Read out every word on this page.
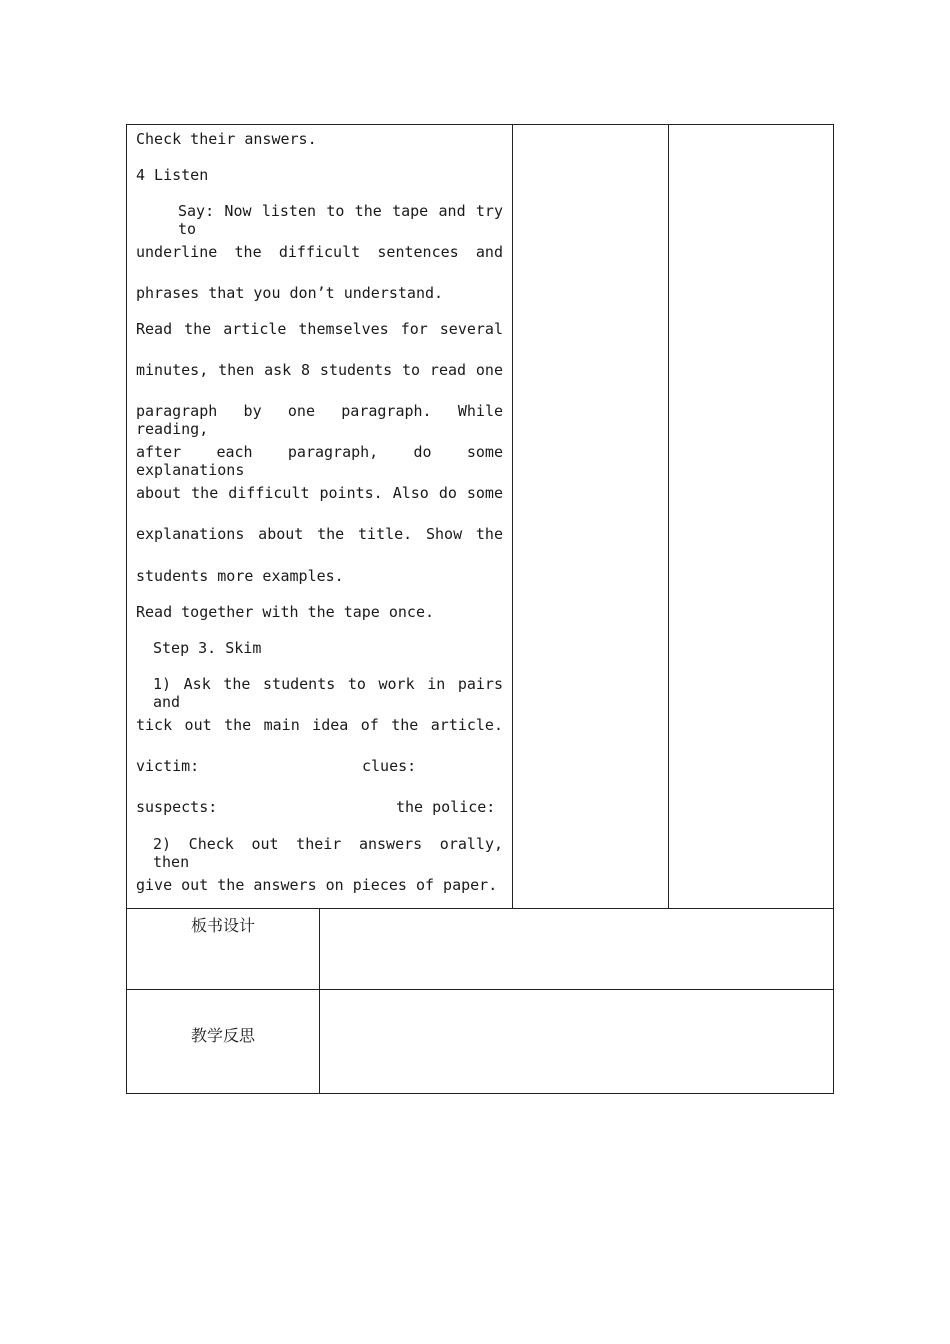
Check their answers.
4 Listen
Say: Now listen to the tape and try to
underline the difficult sentences and
phrases that you don’t understand.
Read the article themselves for several
minutes, then ask 8 students to read one
paragraph by one paragraph. While reading,
after each paragraph, do some explanations
about the difficult points. Also do some
explanations about the title. Show the
students more examples.
Read together with the tape once.
Step 3. Skim
1) Ask the students to work in pairs and
tick out the main idea of the article.
victim:	clues:
suspects:	the police:
2) Check out their answers orally, then
give out the answers on pieces of paper.
板书设计
教学反思
